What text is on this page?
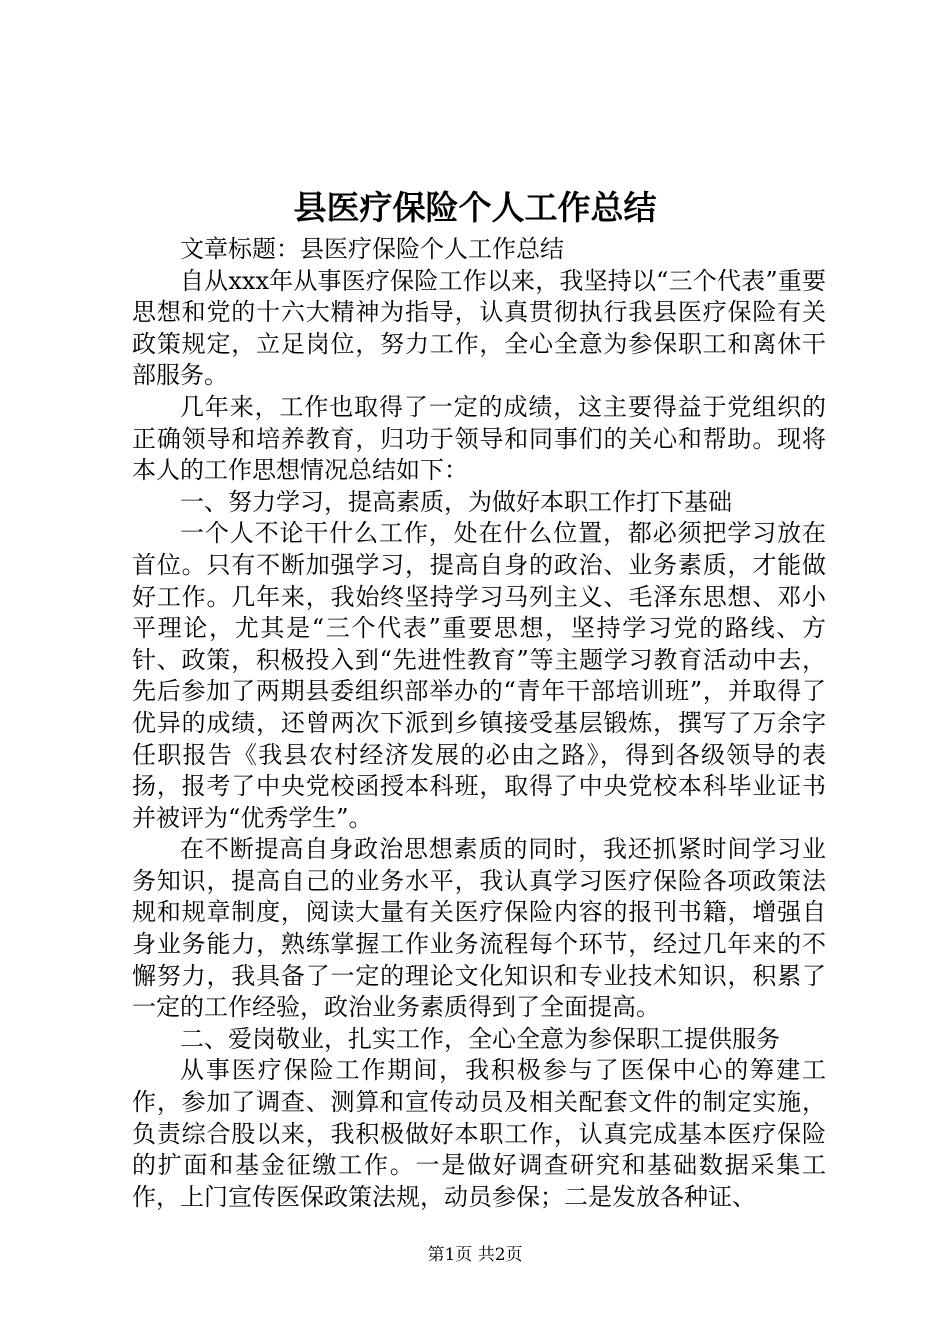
县医疗保险个人工作总结

文章标题：县医疗保险个人工作总结

自从xxx年从事医疗保险工作以来，我坚持以“三个代表”重要思想和党的十六大精神为指导，认真贯彻执行我县医疗保险有关政策规定，立足岗位，努力工作，全心全意为参保职工和离休干部服务。

几年来，工作也取得了一定的成绩，这主要得益于党组织的正确领导和培养教育，归功于领导和同事们的关心和帮助。现将本人的工作思想情况总结如下：

一、努力学习，提高素质，为做好本职工作打下基础

一个人不论干什么工作，处在什么位置，都必须把学习放在首位。只有不断加强学习，提高自身的政治、业务素质，才能做好工作。几年来，我始终坚持学习马列主义、毛泽东思想、邓小平理论，尤其是“三个代表”重要思想，坚持学习党的路线、方针、政策，积极投入到“先进性教育”等主题学习教育活动中去，先后参加了两期县委组织部举办的“青年干部培训班”，并取得了优异的成绩，还曾两次下派到乡镇接受基层锻炼，撰写了万余字任职报告《我县农村经济发展的必由之路》，得到各级领导的表扬，报考了中央党校函授本科班，取得了中央党校本科毕业证书并被评为“优秀学生”。

在不断提高自身政治思想素质的同时，我还抓紧时间学习业务知识，提高自己的业务水平，我认真学习医疗保险各项政策法规和规章制度，阅读大量有关医疗保险内容的报刊书籍，增强自身业务能力，熟练掌握工作业务流程每个环节，经过几年来的不懈努力，我具备了一定的理论文化知识和专业技术知识，积累了一定的工作经验，政治业务素质得到了全面提高。

二、爱岗敬业，扎实工作，全心全意为参保职工提供服务

从事医疗保险工作期间，我积极参与了医保中心的筹建工作，参加了调查、测算和宣传动员及相关配套文件的制定实施，负责综合股以来，我积极做好本职工作，认真完成基本医疗保险的扩面和基金征缴工作。一是做好调查研究和基础数据采集工作，上门宣传医保政策法规，动员参保；二是发放各种证、

第1页 共2页
